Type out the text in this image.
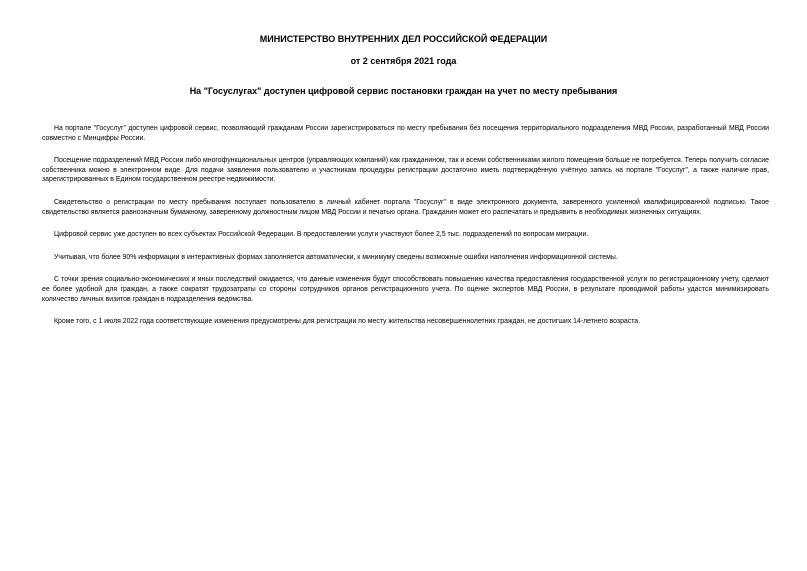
МИНИСТЕРСТВО ВНУТРЕННИХ ДЕЛ РОССИЙСКОЙ ФЕДЕРАЦИИ
от 2 сентября 2021 года
На "Госуслугах" доступен цифровой сервис постановки граждан на учет по месту пребывания

На портале "Госуслуг" доступен цифровой сервис, позволяющий гражданам России зарегистрироваться по месту пребывания без посещения территориального подразделения МВД России, разработанный МВД России совместно с Минцифры России.

Посещение подразделений МВД России либо многофункциональных центров (управляющих компаний) как гражданином, так и всеми собственниками жилого помещения больше не потребуется. Теперь получить согласие собственника можно в электронном виде. Для подачи заявления пользователю и участникам процедуры регистрации достаточно иметь подтверждённую учётную запись на портале "Госуслуг", а также наличие прав, зарегистрированных в Едином государственном реестре недвижимости.

Свидетельство о регистрации по месту пребывания поступает пользователю в личный кабинет портала "Госуслуг" в виде электронного документа, заверенного усиленной квалифицированной подписью. Такое свидетельство является равнозначным бумажному, заверенному должностным лицом МВД России и печатью органа. Гражданин может его распечатать и предъявить в необходимых жизненных ситуациях.

Цифровой сервис уже доступен во всех субъектах Российской Федерации. В предоставлении услуги участвуют более 2,5 тыс. подразделений по вопросам миграции.

Учитывая, что более 90% информации в интерактивных формах заполняется автоматически, к минимуму сведены возможные ошибки наполнения информационной системы.

С точки зрения социально-экономических и иных последствий ожидается, что данные изменения будут способствовать повышению качества предоставления государственной услуги по регистрационному учету, сделают ее более удобной для граждан, а также сократят трудозатраты со стороны сотрудников органов регистрационного учета. По оценке экспертов МВД России, в результате проводимой работы удастся минимизировать количество личных визитов граждан в подразделения ведомства.

Кроме того, с 1 июля 2022 года соответствующие изменения предусмотрены для регистрации по месту жительства несовершеннолетних граждан, не достигших 14-летнего возраста.
